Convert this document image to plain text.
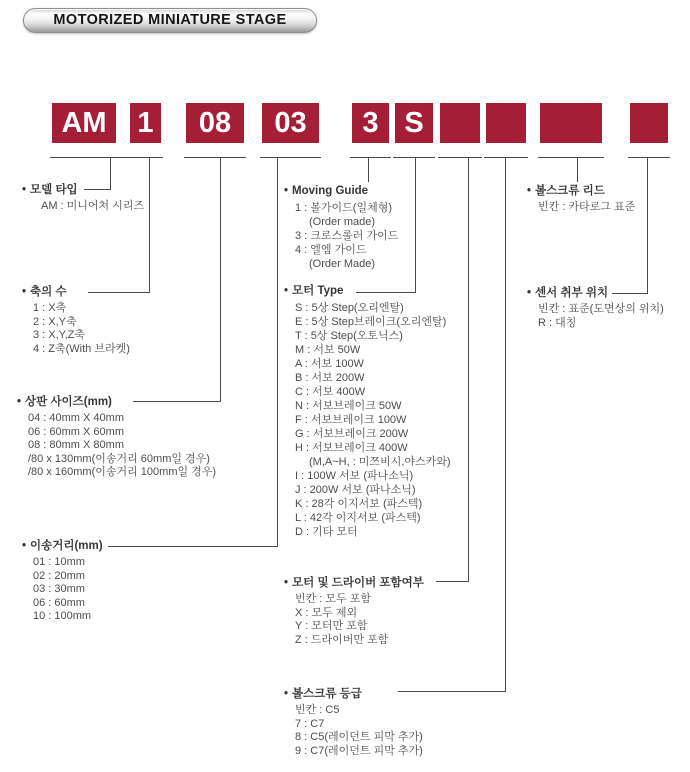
MOTORIZED MINIATURE STAGE
AM	1	08	03	3 S
• 모델 타입
AM : 미니어쳐 시리즈
• 축의 수
1 : X축
2 : X,Y축
3 : X,Y,Z축
4 : Z축(With 브라켓)
• 상판 사이즈(mm)
04 : 40mm X 40mm
06 : 60mm X 60mm
08 : 80mm X 80mm
/80 x 130mm(이송거리 60mm일 경우)
/80 x 160mm(이송거리 100mm일 경우)
• 이송거리(mm)
01 : 10mm
02 : 20mm
03 : 30mm
06 : 60mm
10 : 100mm
• Moving Guide
1 : 볼가이드(일체형)
(Order made)
3 : 크로스롤러 가이드
4 : 엘엠 가이드
(Order Made)
• 모터 Type
S : 5상 Step(오리엔탈)
E : 5상 Step브레이크(오리엔탈)
T : 5상 Step(오토닉스)
M : 서보 50W
A : 서보 100W
B : 서보 200W
C : 서보 400W
N : 서보브레이크 50W
F : 서보브레이크 100W
G : 서보브레이크 200W
H : 서보브레이크 400W
(M,A~H, : 미쯔비시,야스카와)
I : 100W 서보 (파나소닉)
J : 200W 서보 (파나소닉)
K : 28각 이지서보 (파스텍)
L : 42각 이지서보 (파스텍)
D : 기타 모터
• 모터 및 드라이버 포함여부
빈칸 : 모두 포함
X : 모두 제외
Y : 모터만 포함
Z : 드라이버만 포함
• 볼스크류 등급
빈칸 : C5
7 : C7
8 : C5(레이던트 피막 추가)
9 : C7(레이던트 피막 추가)
• 볼스크류 리드
빈칸 : 카타로그 표준
• 센서 취부 위치
빈칸 : 표준(도면상의 위치)
R : 대칭
